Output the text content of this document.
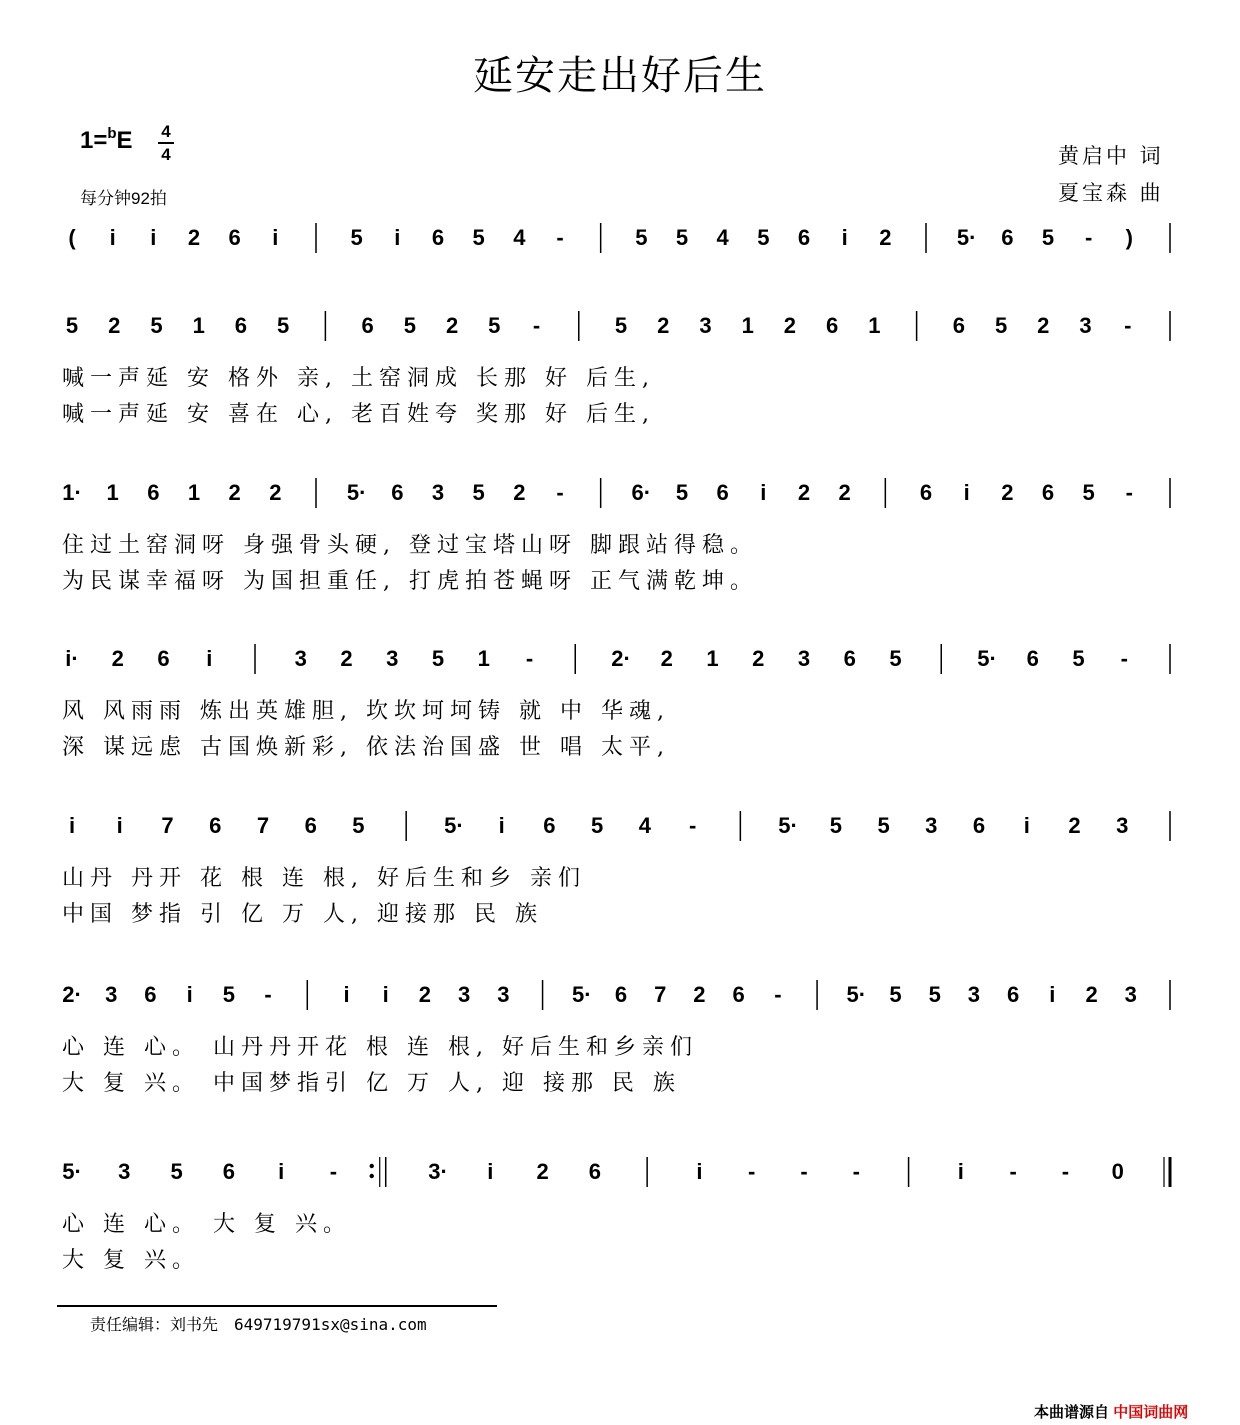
延安走出好后生
1=$^b$E 4
4
每分钟92拍
黄启中 词
夏宝森 曲
( i i 2 6 i	5 i 6 5 4 -	5 5 4 5 6 i 2	5· 6 5 - )
5 2 5 1 6 5	6 5 2 5 -	5 2 3 1 2 6 1	6 5 2 3 -
喊一声延 安 格外 亲, 土窑洞成 长那 好 后生,
喊一声延 安 喜在 心, 老百姓夸 奖那 好 后生,
1· 1 6 1 2 2	5· 6 3 5 2 -	6· 5 6 i 2 2	6 i 2 6 5 -
住过土窑洞呀 身强骨头硬, 登过宝塔山呀 脚跟站得稳。
为民谋幸福呀 为国担重任, 打虎拍苍蝇呀 正气满乾坤。
i· 2 6 i	3 2 3 5 1 -	2· 2 1 2 3 6 5	5· 6 5 -
风 风雨雨 炼出英雄胆, 坎坎坷坷铸 就 中 华魂,
深 谋远虑 古国焕新彩, 依法治国盛 世 唱 太平,
i i 7 6 7 6 5	5· i 6 5 4 -	5· 5 5 3 6 i 2 3
山丹 丹开 花 根 连 根, 好后生和乡 亲们
中国 梦指 引 亿 万 人, 迎接那 民 族
2· 3 6 i 5 -	i i 2 3 3	5· 6 7 2 6 -	5· 5 5 3 6 i 2 3
心 连 心。 山丹丹开花 根 连 根, 好后生和乡亲们
大 复 兴。 中国梦指引 亿 万 人, 迎 接那 民 族
5· 3 5 6 i -	3· i 2 6	i - - -	i - - 0
心 连 心。 大 复 兴。
大 复 兴。
责任编辑：刘书先　649719791sx@sina.com
本曲谱源自 中国词曲网
